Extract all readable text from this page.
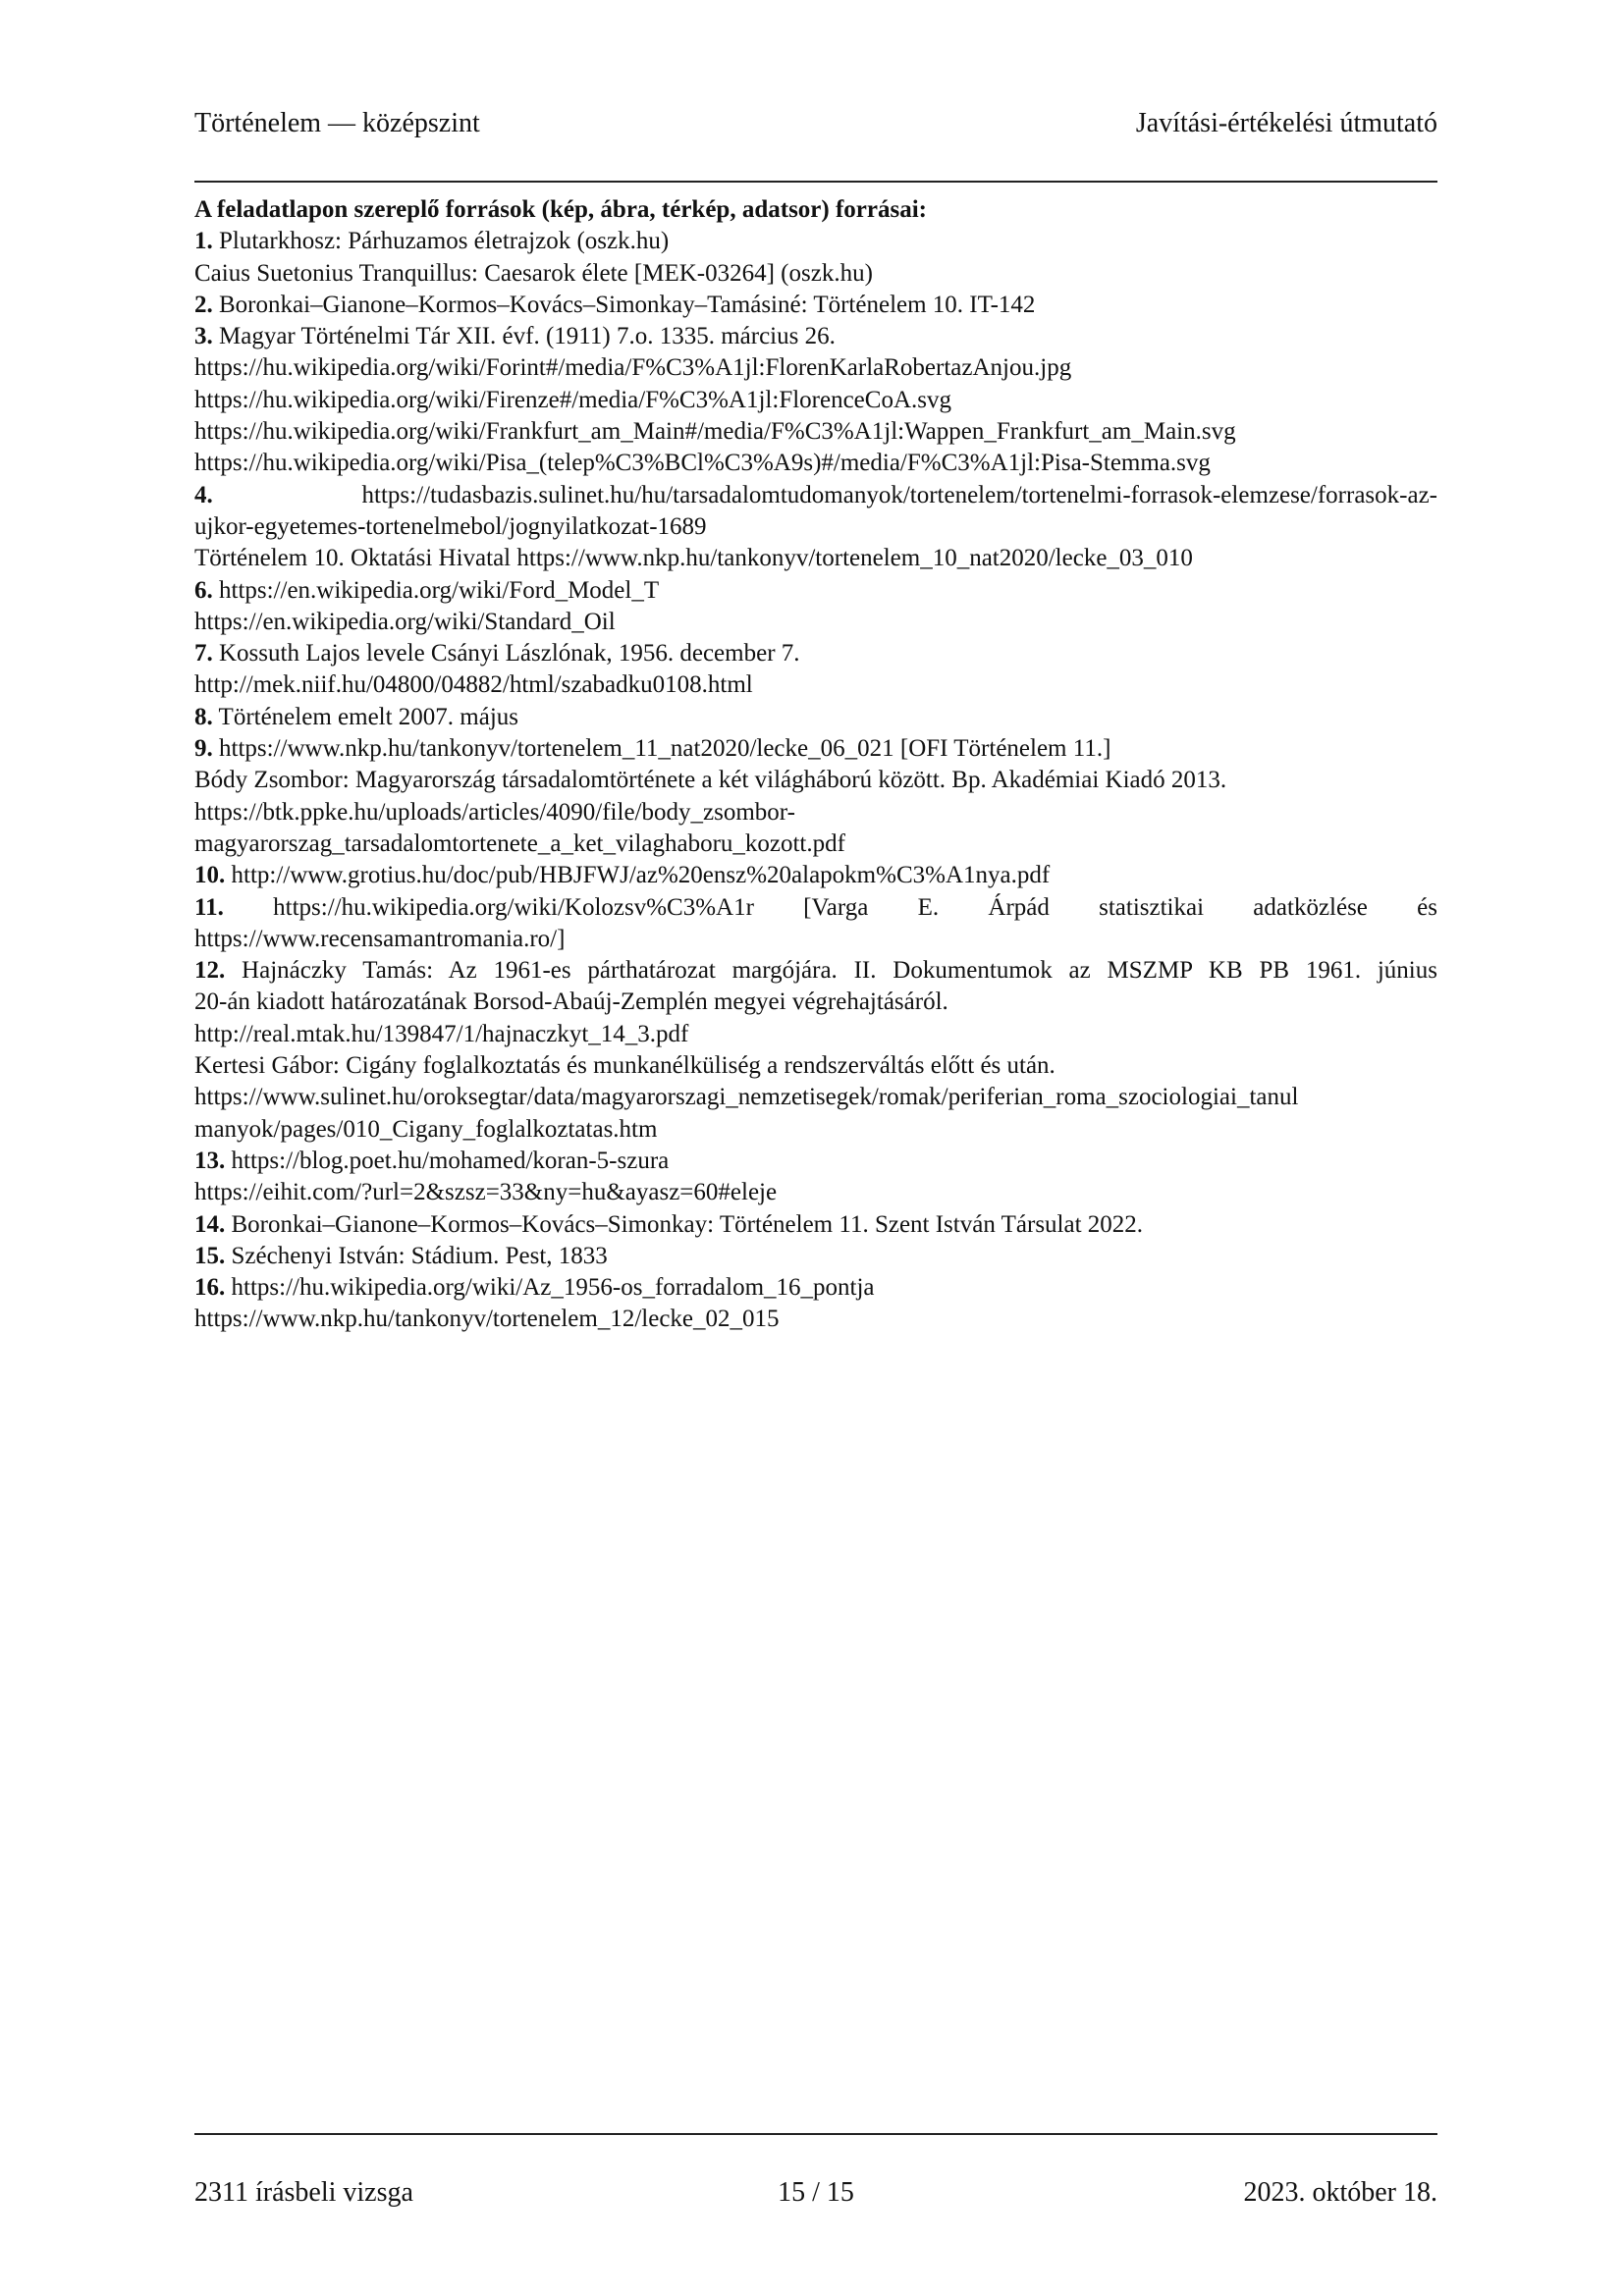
Történelem — középszint	Javítási-értékelési útmutató

A feladatlapon szereplő források (kép, ábra, térkép, adatsor) forrásai:

1. Plutarkhosz: Párhuzamos életrajzok (oszk.hu)

Caius Suetonius Tranquillus: Caesarok élete [MEK-03264] (oszk.hu)

2. Boronkai–Gianone–Kormos–Kovács–Simonkay–Tamásiné: Történelem 10. IT-142

3. Magyar Történelmi Tár XII. évf. (1911) 7.o. 1335. március 26.

https://hu.wikipedia.org/wiki/Forint#/media/F%C3%A1jl:FlorenKarlaRobertazAnjou.jpg

https://hu.wikipedia.org/wiki/Firenze#/media/F%C3%A1jl:FlorenceCoA.svg

https://hu.wikipedia.org/wiki/Frankfurt_am_Main#/media/F%C3%A1jl:Wappen_Frankfurt_am_Main.svg

https://hu.wikipedia.org/wiki/Pisa_(telep%C3%BCl%C3%A9s)#/media/F%C3%A1jl:Pisa-Stemma.svg

4. https://tudasbazis.sulinet.hu/hu/tarsadalomtudomanyok/tortenelem/tortenelmi-forrasok-elemzese/forrasok-az-

ujkor-egyetemes-tortenelmebol/jognyilatkozat-1689

Történelem 10. Oktatási Hivatal https://www.nkp.hu/tankonyv/tortenelem_10_nat2020/lecke_03_010

6. https://en.wikipedia.org/wiki/Ford_Model_T

https://en.wikipedia.org/wiki/Standard_Oil

7. Kossuth Lajos levele Csányi Lászlónak, 1956. december 7.

http://mek.niif.hu/04800/04882/html/szabadku0108.html

8. Történelem emelt 2007. május

9. https://www.nkp.hu/tankonyv/tortenelem_11_nat2020/lecke_06_021 [OFI Történelem 11.]

Bódy Zsombor: Magyarország társadalomtörténete a két világháború között. Bp. Akadémiai Kiadó 2013.

https://btk.ppke.hu/uploads/articles/4090/file/body_zsombor-

magyarorszag_tarsadalomtortenete_a_ket_vilaghaboru_kozott.pdf

10. http://www.grotius.hu/doc/pub/HBJFWJ/az%20ensz%20alapokm%C3%A1nya.pdf

11. https://hu.wikipedia.org/wiki/Kolozsv%C3%A1r [Varga E. Árpád statisztikai adatközlése és

https://www.recensamantromania.ro/]

12. Hajnáczky Tamás: Az 1961-es párthatározat margójára. II. Dokumentumok az MSZMP KB PB 1961. június

20-án kiadott határozatának Borsod-Abaúj-Zemplén megyei végrehajtásáról.

http://real.mtak.hu/139847/1/hajnaczkyt_14_3.pdf

Kertesi Gábor: Cigány foglalkoztatás és munkanélküliség a rendszerváltás előtt és után.

https://www.sulinet.hu/oroksegtar/data/magyarorszagi_nemzetisegek/romak/periferian_roma_szociologiai_tanul

manyok/pages/010_Cigany_foglalkoztatas.htm

13. https://blog.poet.hu/mohamed/koran-5-szura

https://eihit.com/?url=2&szsz=33&ny=hu&ayasz=60#eleje

14. Boronkai–Gianone–Kormos–Kovács–Simonkay: Történelem 11. Szent István Társulat 2022.

15. Széchenyi István: Stádium. Pest, 1833

16. https://hu.wikipedia.org/wiki/Az_1956-os_forradalom_16_pontja

https://www.nkp.hu/tankonyv/tortenelem_12/lecke_02_015

2311 írásbeli vizsga	15 / 15	2023. október 18.
